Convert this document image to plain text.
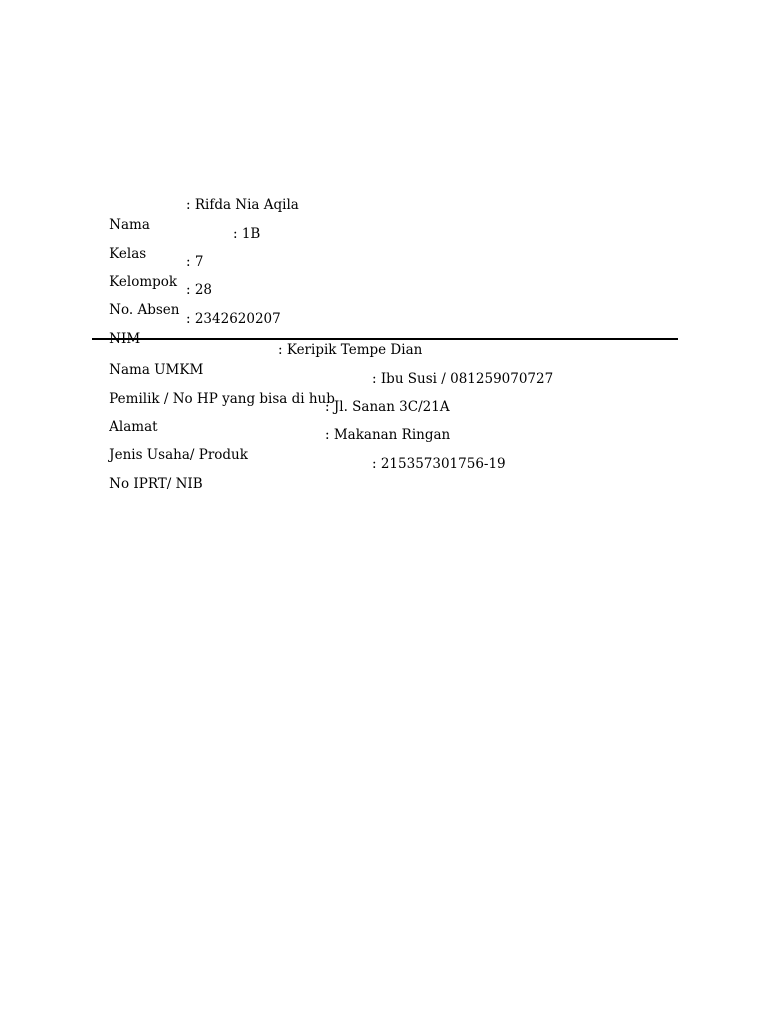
Nama

: Rifda Nia Aqila

Kelas

: 1B

Kelompok

: 7

No. Absen

: 28

NIM

: 2342620207

Nama UMKM

: Keripik Tempe Dian

Pemilik / No HP yang bisa di hub

: Ibu Susi / 081259070727

Alamat

: Jl. Sanan 3C/21A

Jenis Usaha/ Produk

: Makanan Ringan

No IPRT/ NIB

: 215357301756-19
